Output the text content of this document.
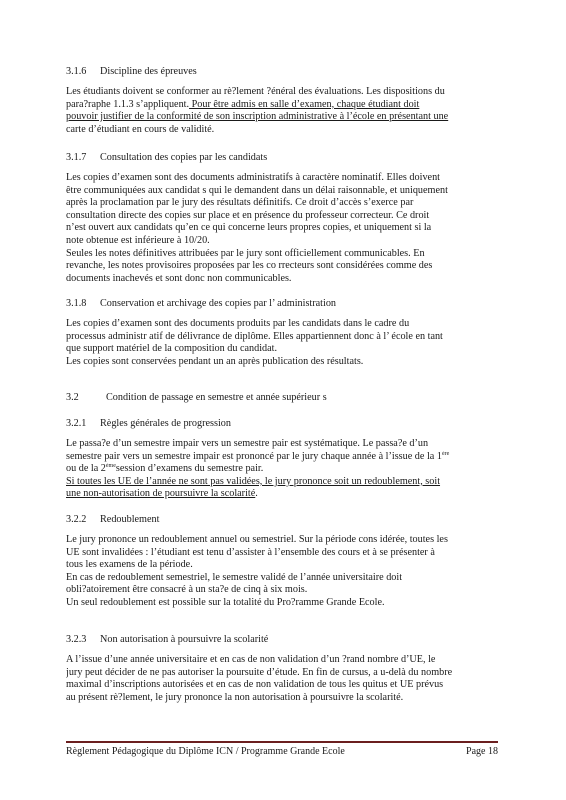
3.1.6 Discipline des épreuves
Les étudiants doivent se conformer au rè?lement ?énéral des évaluations. Les dispositions du
para?raphe 1.1.3 s’appliquent. Pour être admis en salle d’examen, chaque étudiant doit
pouvoir justifier de la conformité de son inscription administrative à l’école en présentant une
carte d’étudiant en cours de validité.
3.1.7 Consultation des copies par les candidats
Les copies d’examen sont des documents administratifs à caractère nominatif. Elles doivent
être communiquées aux candidat s qui le demandent dans un délai raisonnable, et uniquement
après la proclamation par le jury des résultats définitifs. Ce droit d’accès s’exerce par
consultation directe des copies sur place et en présence du professeur correcteur. Ce droit
n’est ouvert aux candidats qu’en ce qui concerne leurs propres copies, et uniquement si la
note obtenue est inférieure à 10/20.
Seules les notes définitives attribuées par le jury sont officiellement communicables. En
revanche, les notes provisoires proposées par les co rrecteurs sont considérées comme des
documents inachevés et sont donc non communicables.
3.1.8 Conservation et archivage des copies par l’ administration
Les copies d’examen sont des documents produits par les candidats dans le cadre du
processus administr atif de délivrance de diplôme. Elles appartiennent donc à l’ école en tant
que support matériel de la composition du candidat.
Les copies sont conservées pendant un an après publication des résultats.
3.2	Condition de passage en semestre et année supérieur s
3.2.1 Règles générales de progression
Le passa?e d’un semestre impair vers un semestre pair est systématique. Le passa?e d’un
semestre pair vers un semestre impair est prononcé par le jury chaque année à l’issue de la 1ère
ou de la 2èmesession d’examens du semestre pair.
Si toutes les UE de l’année ne sont pas validées, le jury prononce soit un redoublement, soit
une non-autorisation de poursuivre la scolarité.
3.2.2 Redoublement
Le jury prononce un redoublement annuel ou semestriel. Sur la période cons idérée, toutes les
UE sont invalidées : l’étudiant est tenu d’assister à l’ensemble des cours et à se présenter à
tous les examens de la période.
En cas de redoublement semestriel, le semestre validé de l’année universitaire doit
obli?atoirement être consacré à un sta?e de cinq à six mois.
Un seul redoublement est possible sur la totalité du Pro?ramme Grande Ecole.
3.2.3 Non autorisation à poursuivre la scolarité
A l’issue d’une année universitaire et en cas de non validation d’un ?rand nombre d’UE, le
jury peut décider de ne pas autoriser la poursuite d’étude. En fin de cursus, a u-delà du nombre
maximal d’inscriptions autorisées et en cas de non validation de tous les quitus et UE prévus
au présent rè?lement, le jury prononce la non autorisation à poursuivre la scolarité.
Règlement Pédagogique du Diplôme ICN / Programme Grande Ecole	Page 18
